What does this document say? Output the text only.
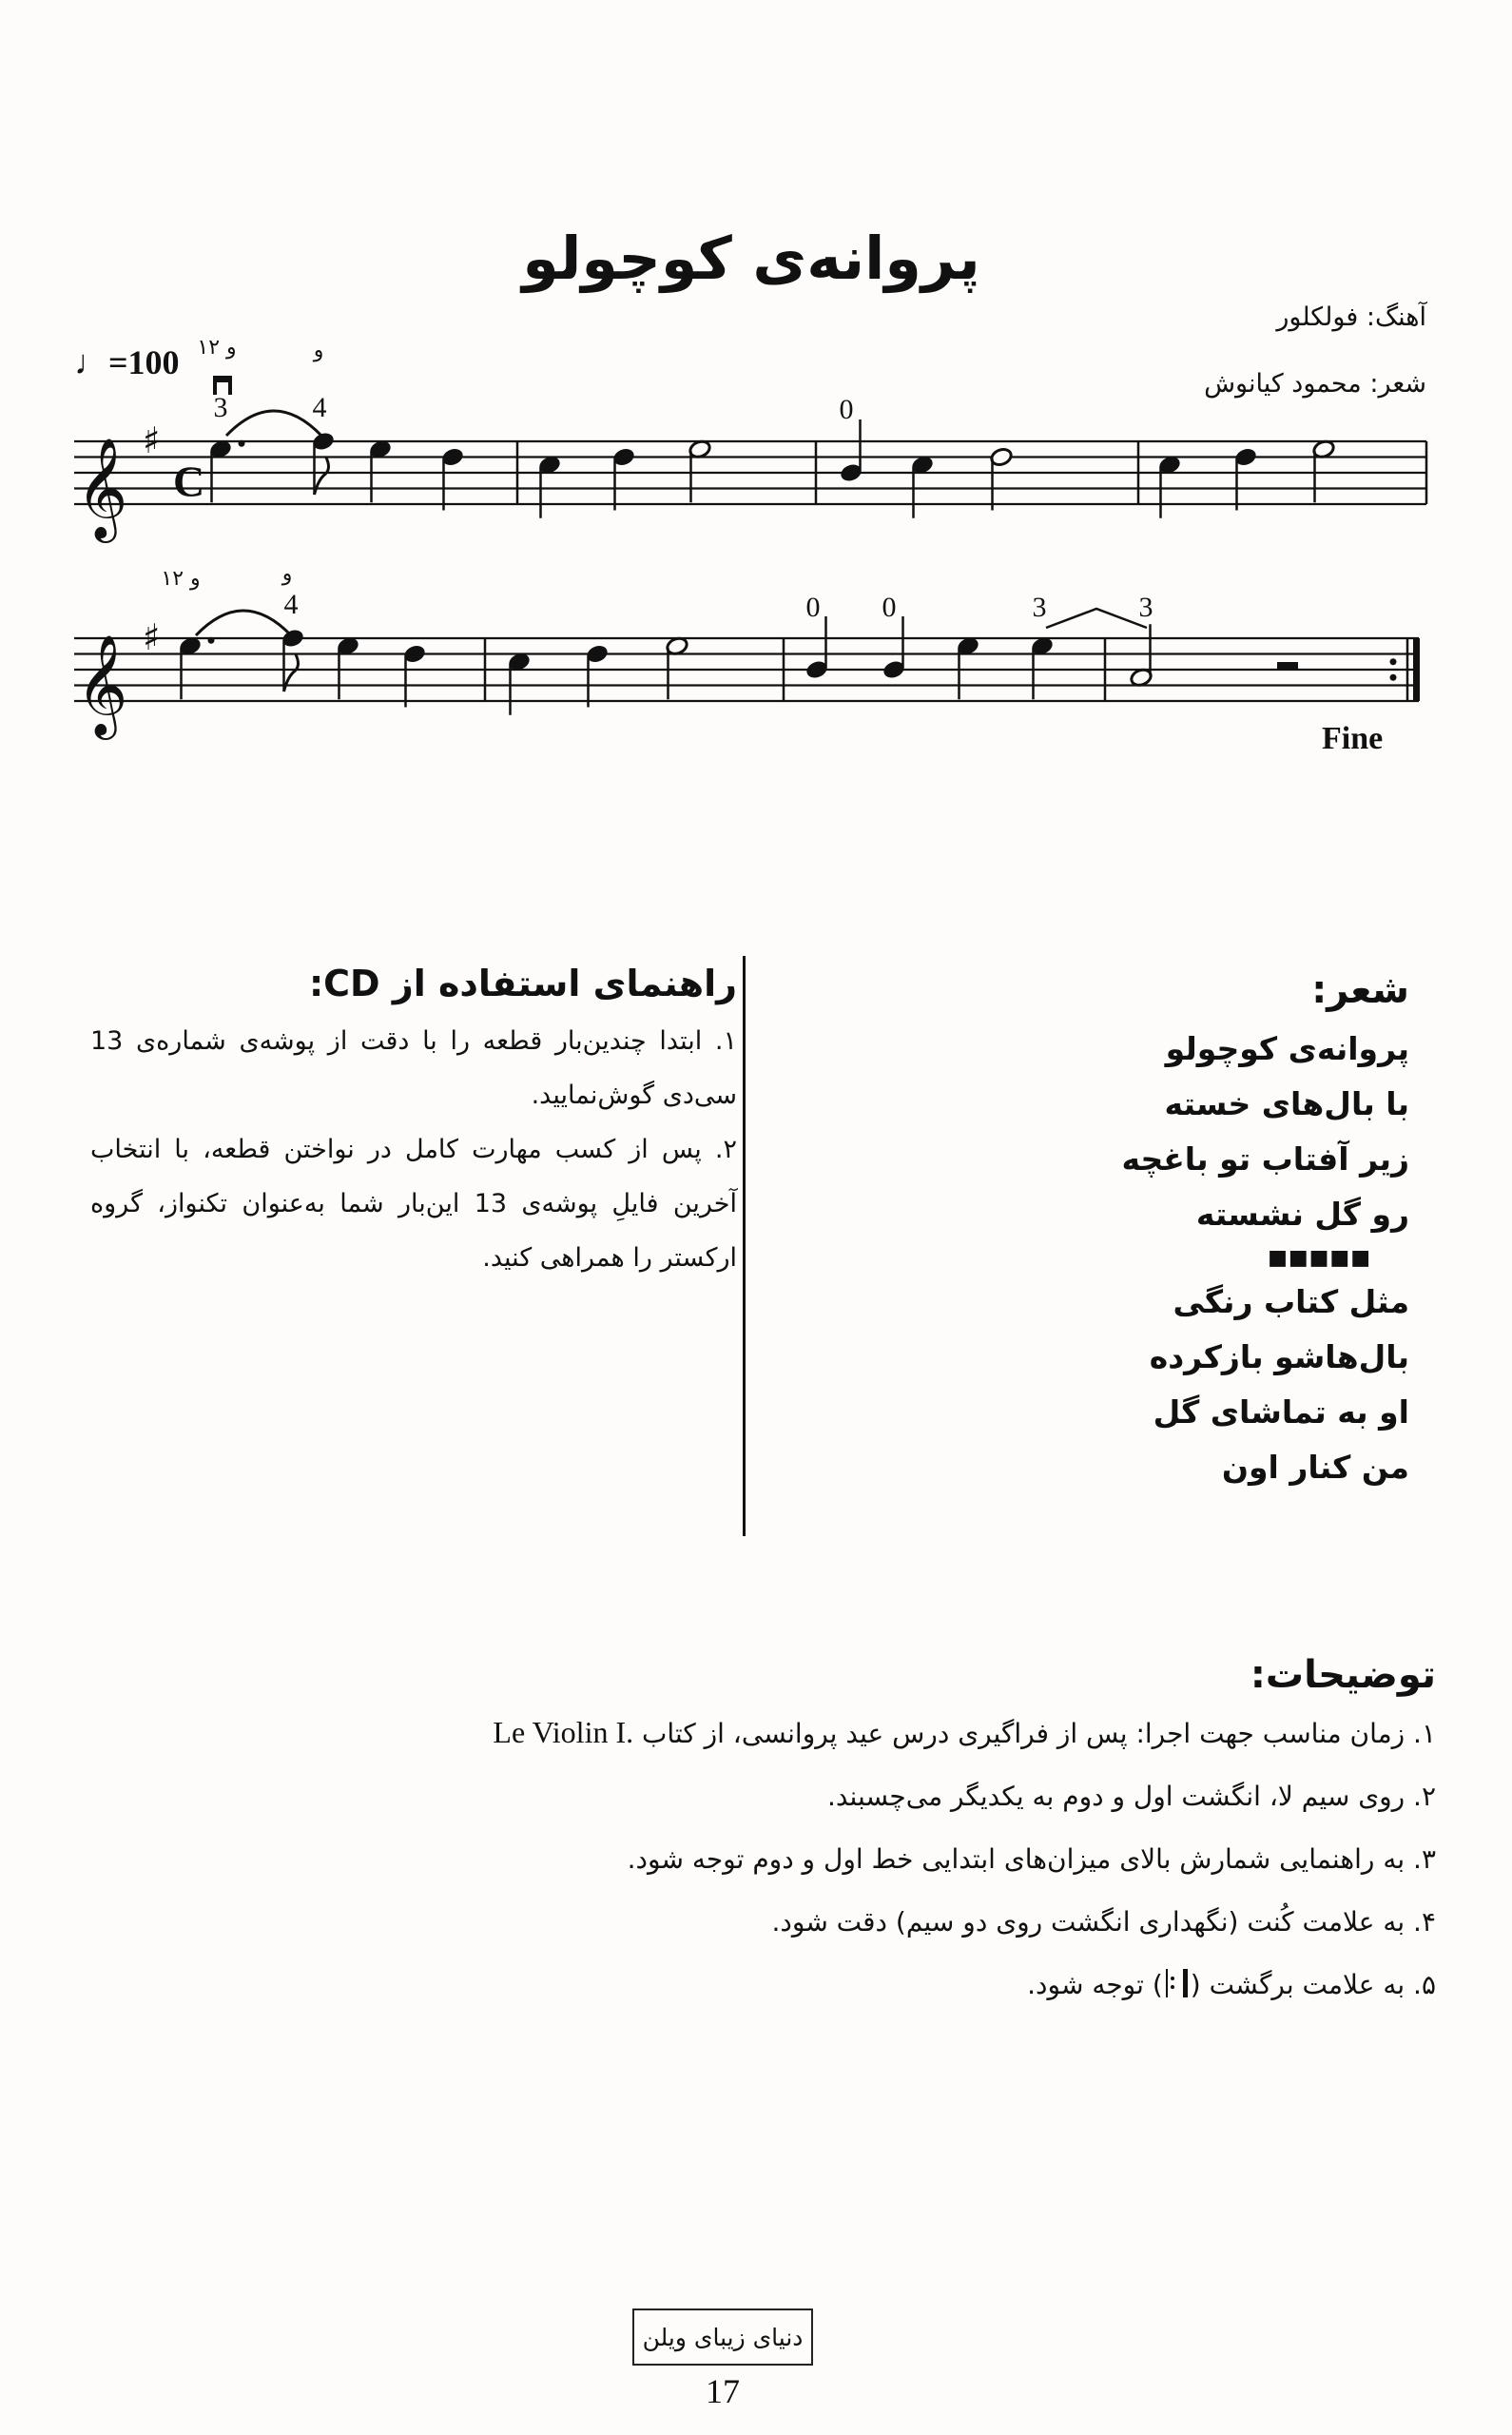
پروانه‌ی کوچولو
آهنگ: فولکلور
شعر: محمود کیانوش
𝄞 ♯
C
۱و ۲	و
3	4	0
𝄞 ♯
۱و ۲	و
4	0 0	3	3
♩=100
Fine
راهنمای استفاده از CD:

۱. ابتدا چندین‌بار قطعه را با دقت از پوشه‌ی شماره‌ی 13 سی‌دی گوش‌نمایید.

۲. پس از کسب مهارت کامل در نواختن قطعه، با انتخاب آخرین فایلِ پوشه‌ی 13 این‌بار شما به‌عنوان تکنواز، گروه ارکستر را همراهی کنید.

شعر:
پروانه‌ی کوچولو
با بال‌های خسته
زیر آفتاب تو باغچه
رو گل نشسته
■■■■■
مثل کتاب رنگی
بال‌هاشو بازکرده
او به تماشای گل
من کنار اون
توضیحات:
۱. زمان مناسب جهت اجرا: پس از فراگیری درس عید پروانسی، از کتاب Le Violin I.
۲. روی سیم لا، انگشت اول و دوم به یکدیگر می‌چسبند.
۳. به راهنمایی شمارش بالای میزان‌های ابتدایی خط اول و دوم توجه شود.
۴. به علامت کُنت (نگهداری انگشت روی دو سیم) دقت شود.
۵. به علامت برگشت () توجه شود.
دنیای زیبای ویلن
17
